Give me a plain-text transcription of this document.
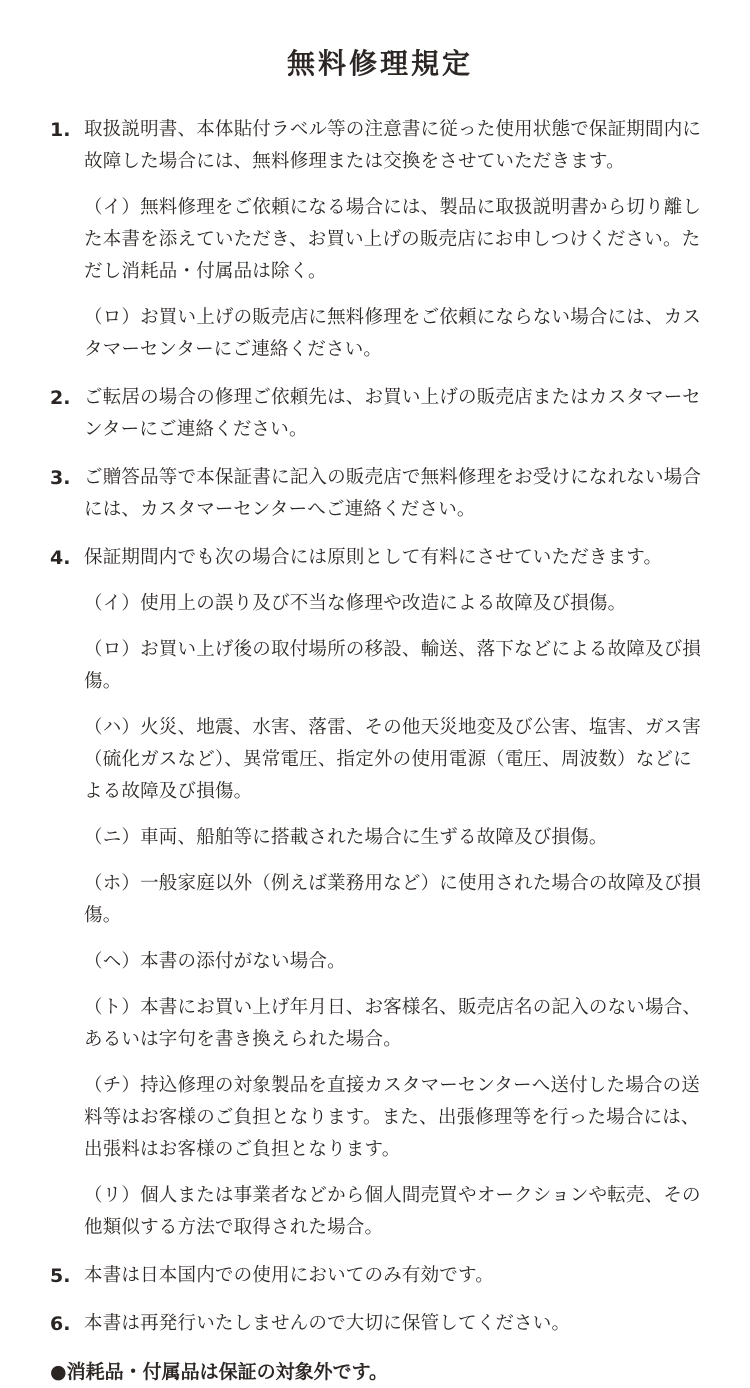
無料修理規定
1. 取扱説明書、本体貼付ラベル等の注意書に従った使用状態で保証期間内に故障した場合には、無料修理または交換をさせていただきます。
（イ）無料修理をご依頼になる場合には、製品に取扱説明書から切り離した本書を添えていただき、お買い上げの販売店にお申しつけください。ただし消耗品・付属品は除く。
（ロ）お買い上げの販売店に無料修理をご依頼にならない場合には、カスタマーセンターにご連絡ください。
2. ご転居の場合の修理ご依頼先は、お買い上げの販売店またはカスタマーセンターにご連絡ください。
3. ご贈答品等で本保証書に記入の販売店で無料修理をお受けになれない場合には、カスタマーセンターへご連絡ください。
4. 保証期間内でも次の場合には原則として有料にさせていただきます。
（イ）使用上の誤り及び不当な修理や改造による故障及び損傷。
（ロ）お買い上げ後の取付場所の移設、輸送、落下などによる故障及び損傷。
（ハ）火災、地震、水害、落雷、その他天災地変及び公害、塩害、ガス害（硫化ガスなど）、異常電圧、指定外の使用電源（電圧、周波数）などによる故障及び損傷。
（ニ）車両、船舶等に搭載された場合に生ずる故障及び損傷。
（ホ）一般家庭以外（例えば業務用など）に使用された場合の故障及び損傷。
（ヘ）本書の添付がない場合。
（ト）本書にお買い上げ年月日、お客様名、販売店名の記入のない場合、あるいは字句を書き換えられた場合。
（チ）持込修理の対象製品を直接カスタマーセンターへ送付した場合の送料等はお客様のご負担となります。また、出張修理等を行った場合には、出張料はお客様のご負担となります。
（リ）個人または事業者などから個人間売買やオークションや転売、その他類似する方法で取得された場合。
5. 本書は日本国内での使用においてのみ有効です。
6. 本書は再発行いたしませんので大切に保管してください。
●消耗品・付属品は保証の対象外です。
